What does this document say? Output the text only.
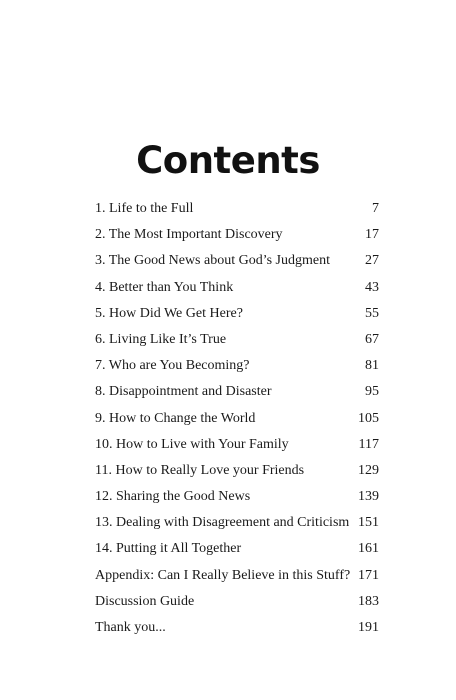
Contents
1. Life to the Full	7
2. The Most Important Discovery	17
3. The Good News about God’s Judgment	27
4. Better than You Think	43
5. How Did We Get Here?	55
6. Living Like It’s True	67
7. Who are You Becoming?	81
8. Disappointment and Disaster	95
9. How to Change the World	105
10. How to Live with Your Family	117
11. How to Really Love your Friends	129
12. Sharing the Good News	139
13. Dealing with Disagreement and Criticism 151
14. Putting it All Together	161
Appendix: Can I Really Believe in this Stuff? 171
Discussion Guide	183
Thank you...	191
